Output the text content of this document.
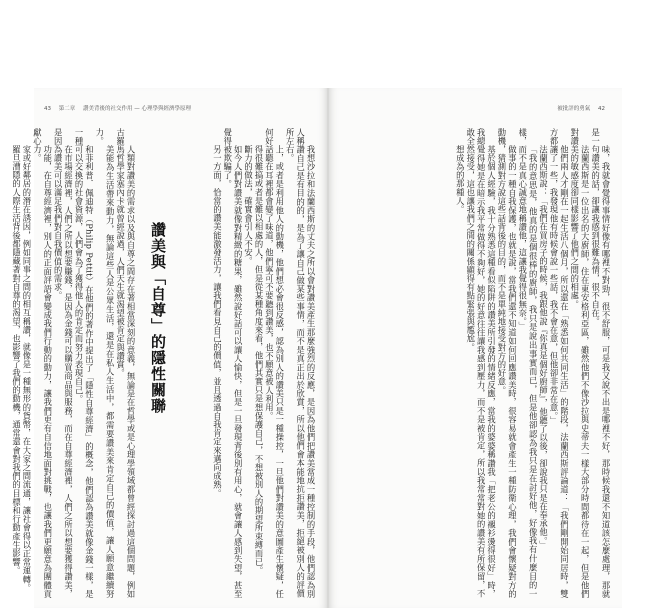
43 第二章 讚美背後的社交作用 — 心理學與經濟學原理	被批評的勇氣 42

味，我就會覺得事情好像有哪裡不對勁，很不舒服，可是我又說不出是哪裡不好，那時候我還不知道該怎麼處理，那就是一句讚美的話，卻讓我感到很難為情，很不自在。

法蘭西斯是一位出名的大廚師，住在東安格利亞區，雖然他們不像沙拉與史蒂夫一樣大部分時間都待在一起，但是他們對讚美的敏感度卻同樣影響了他們之間的相處。

他們兩人才剛在一起生活八個月，所以還在「熟悉如何共同生活」的階段，法蘭西斯評論道：「我們剛開始同居時，雙方都讓了一些，我發現他有時候會說一些話，我不會在意，但他卻非常在意。」

法蘭西斯說：「我們在買房子的時候，我跟他說『你真是個好廚師』，他聽了以後，卻說我只是在奉承他。」

「我的意思是，他真的是個很棒的廚師，我只是說出事實而已，但是他卻認為我只是在討好他，好像我有什麼目的一樣，而不是真心誠意地稱讚他，這讓我覺得很無奈。」

做事的一種自我保護，也就是說，當我們還不知道如何回應讚美時，很容易就會產生一種防衛心理，我們會懷疑對方的動機，猜測對方說這些話背後的目的，而不是單純地接受對方的好意。

基於個人經驗，我十分熟悉這種看似陷阱的讚美所引發的情緒反應，當我的婆婆稱讚我「把老公的襯衫燙得很好」時，我總覺得她是在暗示我平常做得不夠好，她的好意往往讓我感到壓力，而不是被肯定，所以我常常對她的讚美有所保留，不敢全然接受，這也讓我們之間的關係顯得有點緊張與尷尬。

想成為的那種人。

我想沙拉和法蘭西斯的丈夫之所以會對讚美產生那麼強烈的反應，是因為他們把讚美當成一種控制的手段，他們認為別人稱讚自己是有目的的，是為了讓自己做某些事情，而不是真正出於欣賞，所以他們會本能地抗拒讚美，拒絕被別人的評價所左右。

上，或者是利用他人的動機，他們想必會很反感，認為別人的讚美只是一種操控，一旦他們對讚美的意圖產生懷疑，任何好話聽在耳裡都會變了味道，他們寧可不要聽到讚美，也不願意被人利用。

得很難搞或者是難以相處的人，但是從某種角度來看，他們其實只是想保護自己，不想被別人的期望所束縛而已。

斷力的做法，確實會引人不安。

如今人們對讚美就像對精緻的糖果，雖然說好話可以讓人愉快，但是一旦發現背後別有用心，就會讓人感到失望，甚至覺得被欺騙了。

另一方面，恰當的讚美能激發活力，讓我們看見自己的價值，並且透過自我肯定來邁向成熟。

讚美與「自尊」的隱性關聯

人類對讚美的需求以及與自尊之間存在著相當深刻的意義，無論是在哲學或是心理學領域都曾經探討過這個問題，例如古羅馬哲學家塞內卡就曾經說過，人們天生就渴望被肯定與讚賞。

美能為生活帶來動力，無論這些人是公眾生活，還是在私人生活中，都需要讚美來肯定自己的價值，讓人願意繼續努力。

和菲利普．佩迪特（Philip Pettit）在他們的著作中提出了「隱性自尊經濟」的概念，他們認為讚美就像金錢一樣，是一種可以交換的社會資源，人們會為了獲得他人的肯定而努力表現自己。

在市場經濟裡，人們之所以想要賺錢，是因為金錢可以購買商品與服務，而在自尊經濟裡，人們之所以想要獲得讚美，是因為讚美可以滿足我們對自我價值的需求。

功能，在自尊經濟裡，別人的正面評語會變成我們行動的動力，讓我們更有自信地面對挑戰，也讓我們更願意為團體貢獻心力。

家或好鄰居的潛在誘因，例如同事之間的相互稱讚，就像是一種無形的貨幣，在大家之間流通，讓社會得以正常運轉。

羅旦漕隱的人際生活背後都隱藏著對自尊的渴望，也影響了我們的動機，通常還會對我們的目標和行動產生影響。
